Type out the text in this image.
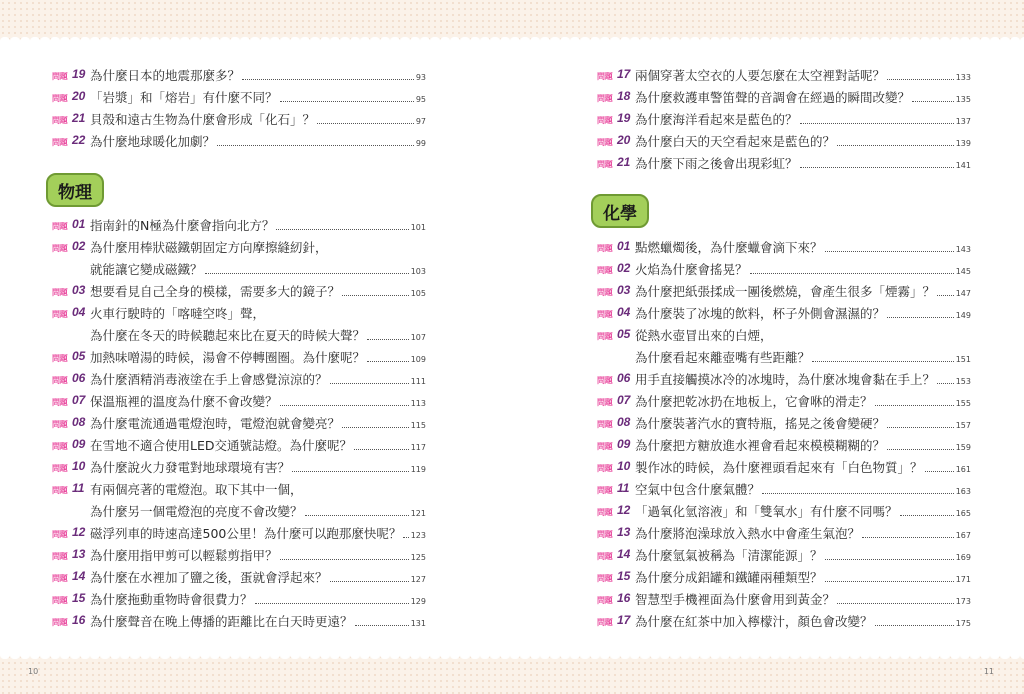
10	11
問題 19 為什麼日本的地震那麼多？	93
問題 20 「岩漿」和「熔岩」有什麼不同？	95
問題 21 貝殼和遠古生物為什麼會形成「化石」？	97
問題 22 為什麼地球暖化加劇？	99
物理
問題 01 指南針的N極為什麼會指向北方？	101
問題 02 為什麼用棒狀磁鐵朝固定方向摩擦縫紉針，
就能讓它變成磁鐵？	103
問題 03 想要看見自己全身的模樣，需要多大的鏡子？	105
問題 04 火車行駛時的「喀噠空咚」聲，
為什麼在冬天的時候聽起來比在夏天的時候大聲？	107
問題 05 加熱味噌湯的時候，湯會不停轉圈圈。為什麼呢？	109
問題 06 為什麼酒精消毒液塗在手上會感覺涼涼的？	111
問題 07 保溫瓶裡的溫度為什麼不會改變？	113
問題 08 為什麼電流通過電燈泡時，電燈泡就會變亮？	115
問題 09 在雪地不適合使用LED交通號誌燈。為什麼呢？	117
問題 10 為什麼說火力發電對地球環境有害？	119
問題 11 有兩個亮著的電燈泡。取下其中一個，
為什麼另一個電燈泡的亮度不會改變？	121
問題 12 磁浮列車的時速高達500公里！為什麼可以跑那麼快呢？ 123
問題 13 為什麼用指甲剪可以輕鬆剪指甲？	125
問題 14 為什麼在水裡加了鹽之後，蛋就會浮起來？	127
問題 15 為什麼拖動重物時會很費力？	129
問題 16 為什麼聲音在晚上傳播的距離比在白天時更遠？	131
問題 17 兩個穿著太空衣的人要怎麼在太空裡對話呢？	133
問題 18 為什麼救護車警笛聲的音調會在經過的瞬間改變？	135
問題 19 為什麼海洋看起來是藍色的？	137
問題 20 為什麼白天的天空看起來是藍色的？	139
問題 21 為什麼下雨之後會出現彩虹？	141
化學
問題 01 點燃蠟燭後，為什麼蠟會滴下來？	143
問題 02 火焰為什麼會搖晃？	145
問題 03 為什麼把紙張揉成一團後燃燒，會產生很多「煙霧」？	147
問題 04 為什麼裝了冰塊的飲料，杯子外側會濕濕的？	149
問題 05 從熱水壺冒出來的白煙，
為什麼看起來離壺嘴有些距離？	151
問題 06 用手直接觸摸冰冷的冰塊時，為什麼冰塊會黏在手上？	153
問題 07 為什麼把乾冰扔在地板上，它會咻的滑走？	155
問題 08 為什麼裝著汽水的寶特瓶，搖晃之後會變硬？	157
問題 09 為什麼把方糖放進水裡會看起來模模糊糊的？	159
問題 10 製作冰的時候，為什麼裡頭看起來有「白色物質」？	161
問題 11 空氣中包含什麼氣體？	163
問題 12 「過氧化氫溶液」和「雙氧水」有什麼不同嗎？	165
問題 13 為什麼將泡澡球放入熱水中會產生氣泡？	167
問題 14 為什麼氫氣被稱為「清潔能源」？	169
問題 15 為什麼分成鋁罐和鐵罐兩種類型？	171
問題 16 智慧型手機裡面為什麼會用到黃金？	173
問題 17 為什麼在紅茶中加入檸檬汁，顏色會改變？	175
